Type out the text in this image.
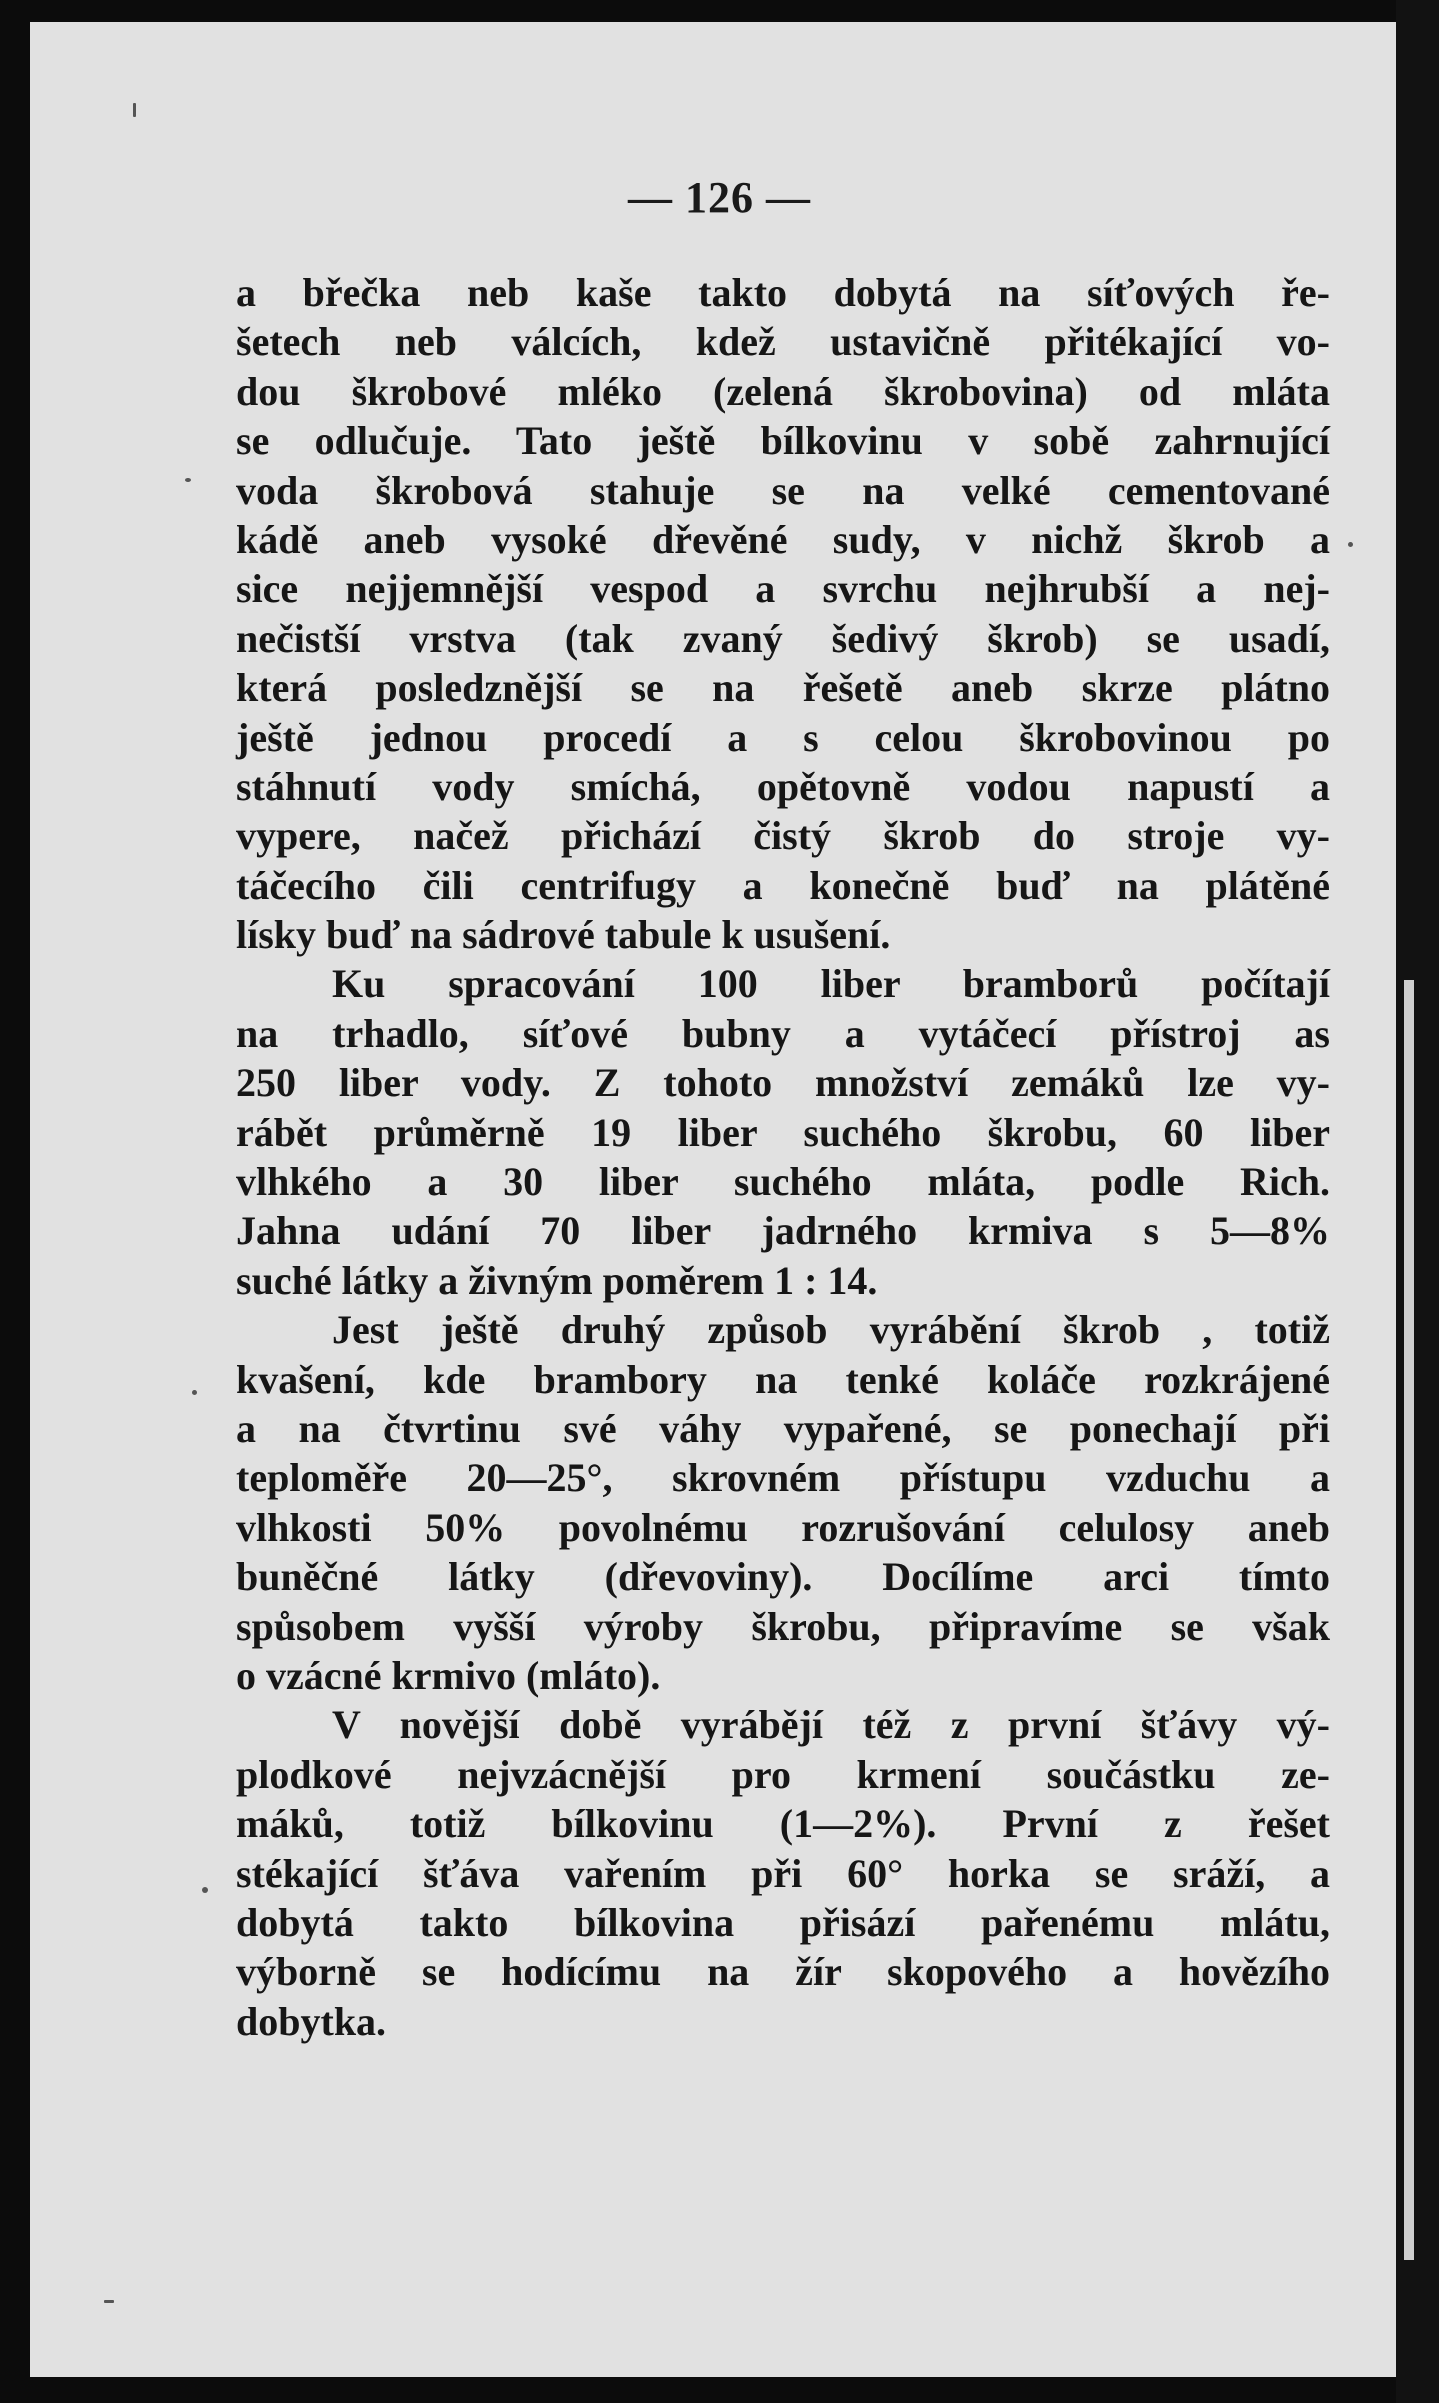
— 126 —
a břečka neb kaše takto dobytá na síťových ře-
šetech neb válcích, kdež ustavičně přitékající vo-
dou škrobové mléko (zelená škrobovina) od mláta
se odlučuje. Tato ještě bílkovinu v sobě zahrnující
voda škrobová stahuje se na velké cementované
kádě aneb vysoké dřevěné sudy, v nichž škrob a
sice nejjemnější vespod a svrchu nejhrubší a nej-
nečistší vrstva (tak zvaný šedivý škrob) se usadí,
která posledznější se na řešetě aneb skrze plátno
ještě jednou procedí a s celou škrobovinou po
stáhnutí vody smíchá, opětovně vodou napustí a
vypere, načež přichází čistý škrob do stroje vy-
táčecího čili centrifugy a konečně buď na plátěné
lísky buď na sádrové tabule k usušení.
Ku spracování 100 liber bramborů počítají
na trhadlo, síťové bubny a vytáčecí přístroj as
250 liber vody. Z tohoto množství zemáků lze vy-
rábět průměrně 19 liber suchého škrobu, 60 liber
vlhkého a 30 liber suchého mláta, podle Rich.
Jahna udání 70 liber jadrného krmiva s 5—8%
suché látky a živným poměrem 1 : 14.
Jest ještě druhý způsob vyrábění škrob , totiž
kvašení, kde brambory na tenké koláče rozkrájené
a na čtvrtinu své váhy vypařené, se ponechají při
teploměře 20—25°, skrovném přístupu vzduchu a
vlhkosti 50% povolnému rozrušování celulosy aneb
buněčné látky (dřevoviny). Docílíme arci tímto
spůsobem vyšší výroby škrobu, připravíme se však
o vzácné krmivo (mláto).
V novější době vyrábějí též z první šťávy vý-
plodkové nejvzácnější pro krmení součástku ze-
máků, totiž bílkovinu (1—2%). První z řešet
stékající šťáva vařením při 60° horka se sráží, a
dobytá takto bílkovina přisází pařenému mlátu,
výborně se hodícímu na žír skopového a hovězího
dobytka.
